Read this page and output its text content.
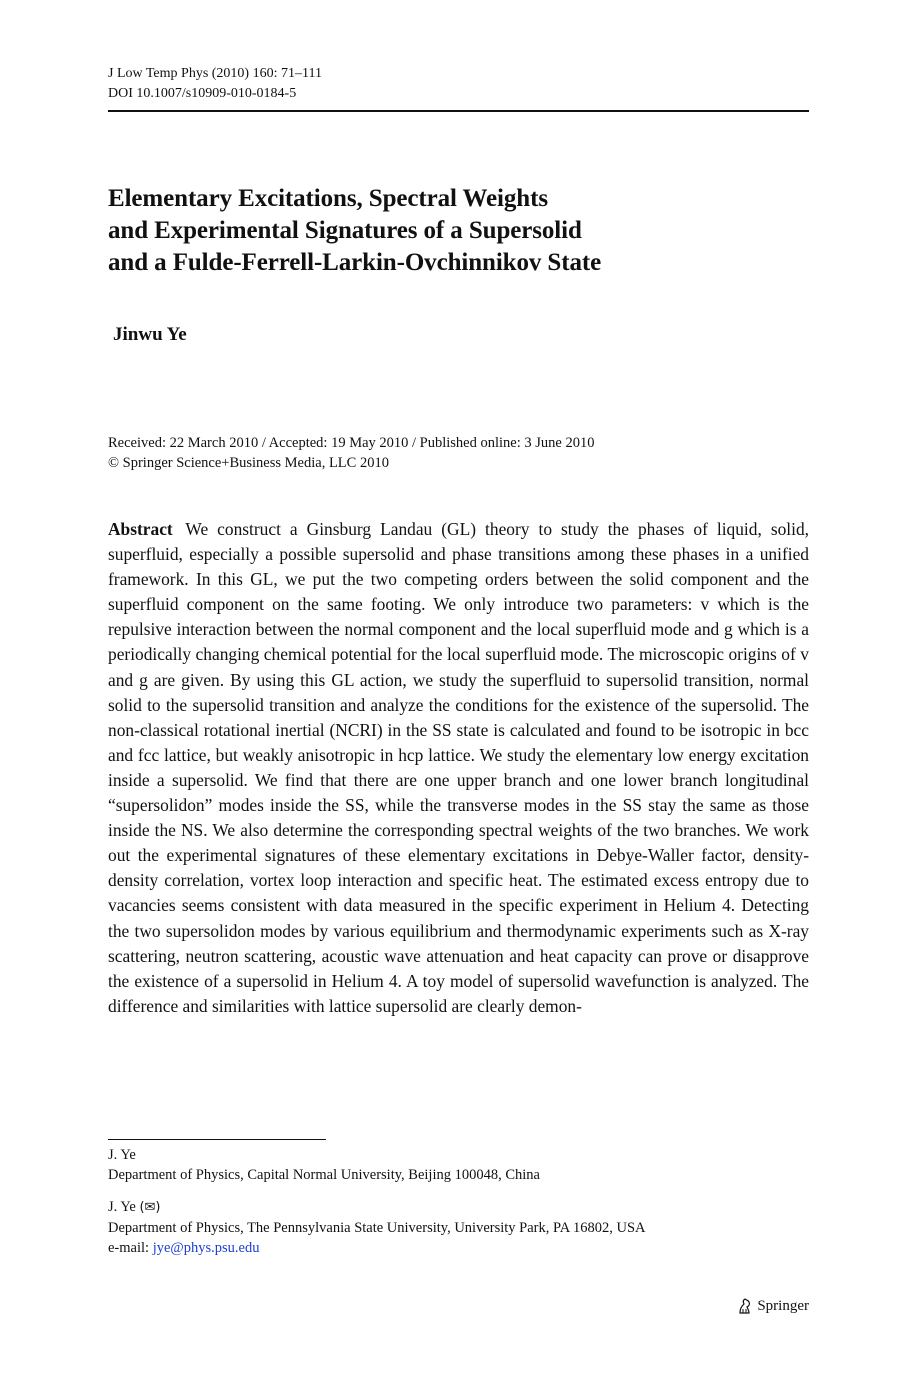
J Low Temp Phys (2010) 160: 71–111
DOI 10.1007/s10909-010-0184-5
Elementary Excitations, Spectral Weights
and Experimental Signatures of a Supersolid
and a Fulde-Ferrell-Larkin-Ovchinnikov State
Jinwu Ye
Received: 22 March 2010 / Accepted: 19 May 2010 / Published online: 3 June 2010
© Springer Science+Business Media, LLC 2010
Abstract We construct a Ginsburg Landau (GL) theory to study the phases of liquid, solid, superfluid, especially a possible supersolid and phase transitions among these phases in a unified framework. In this GL, we put the two competing orders between the solid component and the superfluid component on the same footing. We only introduce two parameters: v which is the repulsive interaction between the normal component and the local superfluid mode and g which is a periodically changing chemical potential for the local superfluid mode. The microscopic origins of v and g are given. By using this GL action, we study the superfluid to supersolid transition, normal solid to the supersolid transition and analyze the conditions for the existence of the supersolid. The non-classical rotational inertial (NCRI) in the SS state is calculated and found to be isotropic in bcc and fcc lattice, but weakly anisotropic in hcp lattice. We study the elementary low energy excitation inside a supersolid. We find that there are one upper branch and one lower branch longitudinal “supersolidon” modes inside the SS, while the transverse modes in the SS stay the same as those inside the NS. We also determine the corresponding spectral weights of the two branches. We work out the experimental signatures of these elementary excitations in Debye-Waller factor, density-density correlation, vortex loop interaction and specific heat. The estimated excess entropy due to vacancies seems consistent with data measured in the specific experiment in Helium 4. Detecting the two supersolidon modes by various equilibrium and thermodynamic experiments such as X-ray scattering, neutron scattering, acoustic wave attenuation and heat capacity can prove or disapprove the existence of a supersolid in Helium 4. A toy model of supersolid wavefunction is analyzed. The difference and similarities with lattice supersolid are clearly demon-
J. Ye
Department of Physics, Capital Normal University, Beijing 100048, China
J. Ye (✉)
Department of Physics, The Pennsylvania State University, University Park, PA 16802, USA
e-mail: jye@phys.psu.edu
Springer
